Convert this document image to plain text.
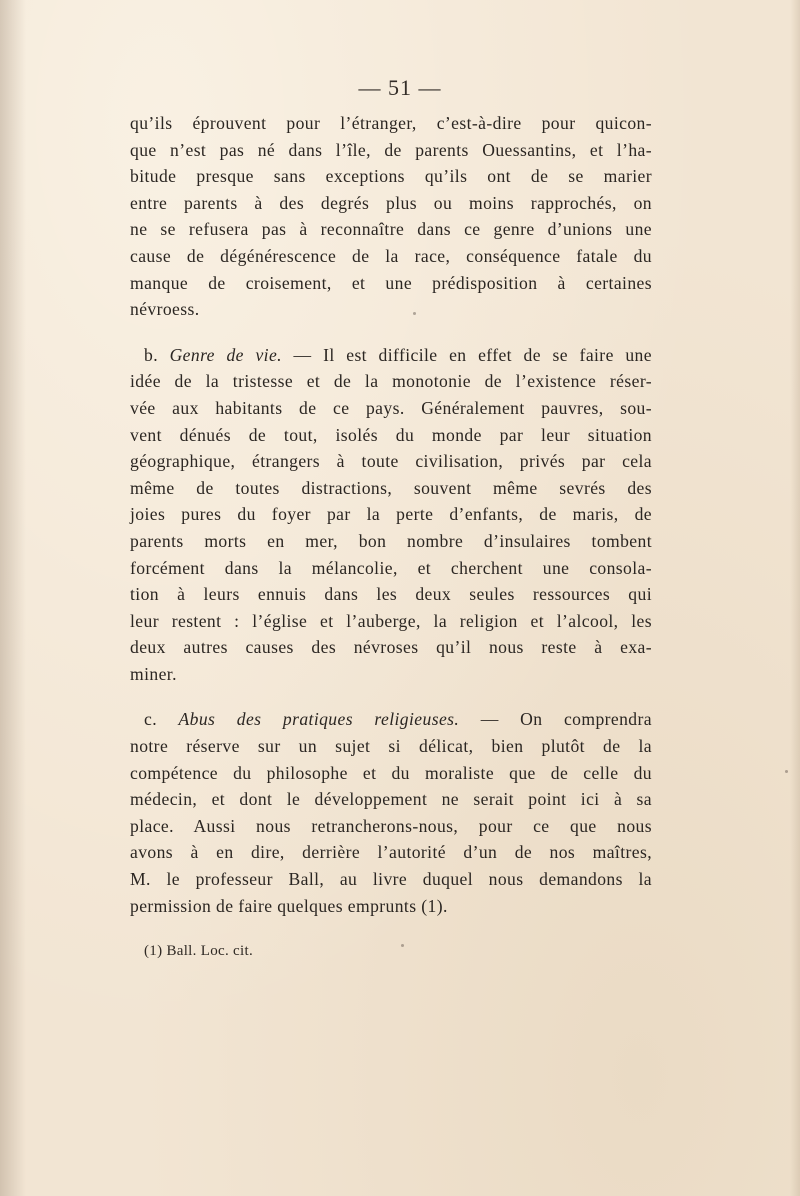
— 51 —
qu’ils éprouvent pour l’étranger, c’est-à-dire pour quicon-
que n’est pas né dans l’île, de parents Ouessantins, et l’ha-
bitude presque sans exceptions qu’ils ont de se marier
entre parents à des degrés plus ou moins rapprochés, on
ne se refusera pas à reconnaître dans ce genre d’unions une
cause de dégénérescence de la race, conséquence fatale du
manque de croisement, et une prédisposition à certaines
névroess.
b. Genre de vie. — Il est difficile en effet de se faire une
idée de la tristesse et de la monotonie de l’existence réser-
vée aux habitants de ce pays. Généralement pauvres, sou-
vent dénués de tout, isolés du monde par leur situation
géographique, étrangers à toute civilisation, privés par cela
même de toutes distractions, souvent même sevrés des
joies pures du foyer par la perte d’enfants, de maris, de
parents morts en mer, bon nombre d’insulaires tombent
forcément dans la mélancolie, et cherchent une consola-
tion à leurs ennuis dans les deux seules ressources qui
leur restent : l’église et l’auberge, la religion et l’alcool, les
deux autres causes des névroses qu’il nous reste à exa-
miner.
c. Abus des pratiques religieuses. — On comprendra
notre réserve sur un sujet si délicat, bien plutôt de la
compétence du philosophe et du moraliste que de celle du
médecin, et dont le développement ne serait point ici à sa
place. Aussi nous retrancherons-nous, pour ce que nous
avons à en dire, derrière l’autorité d’un de nos maîtres,
M. le professeur Ball, au livre duquel nous demandons la
permission de faire quelques emprunts (1).
(1) Ball. Loc. cit.
